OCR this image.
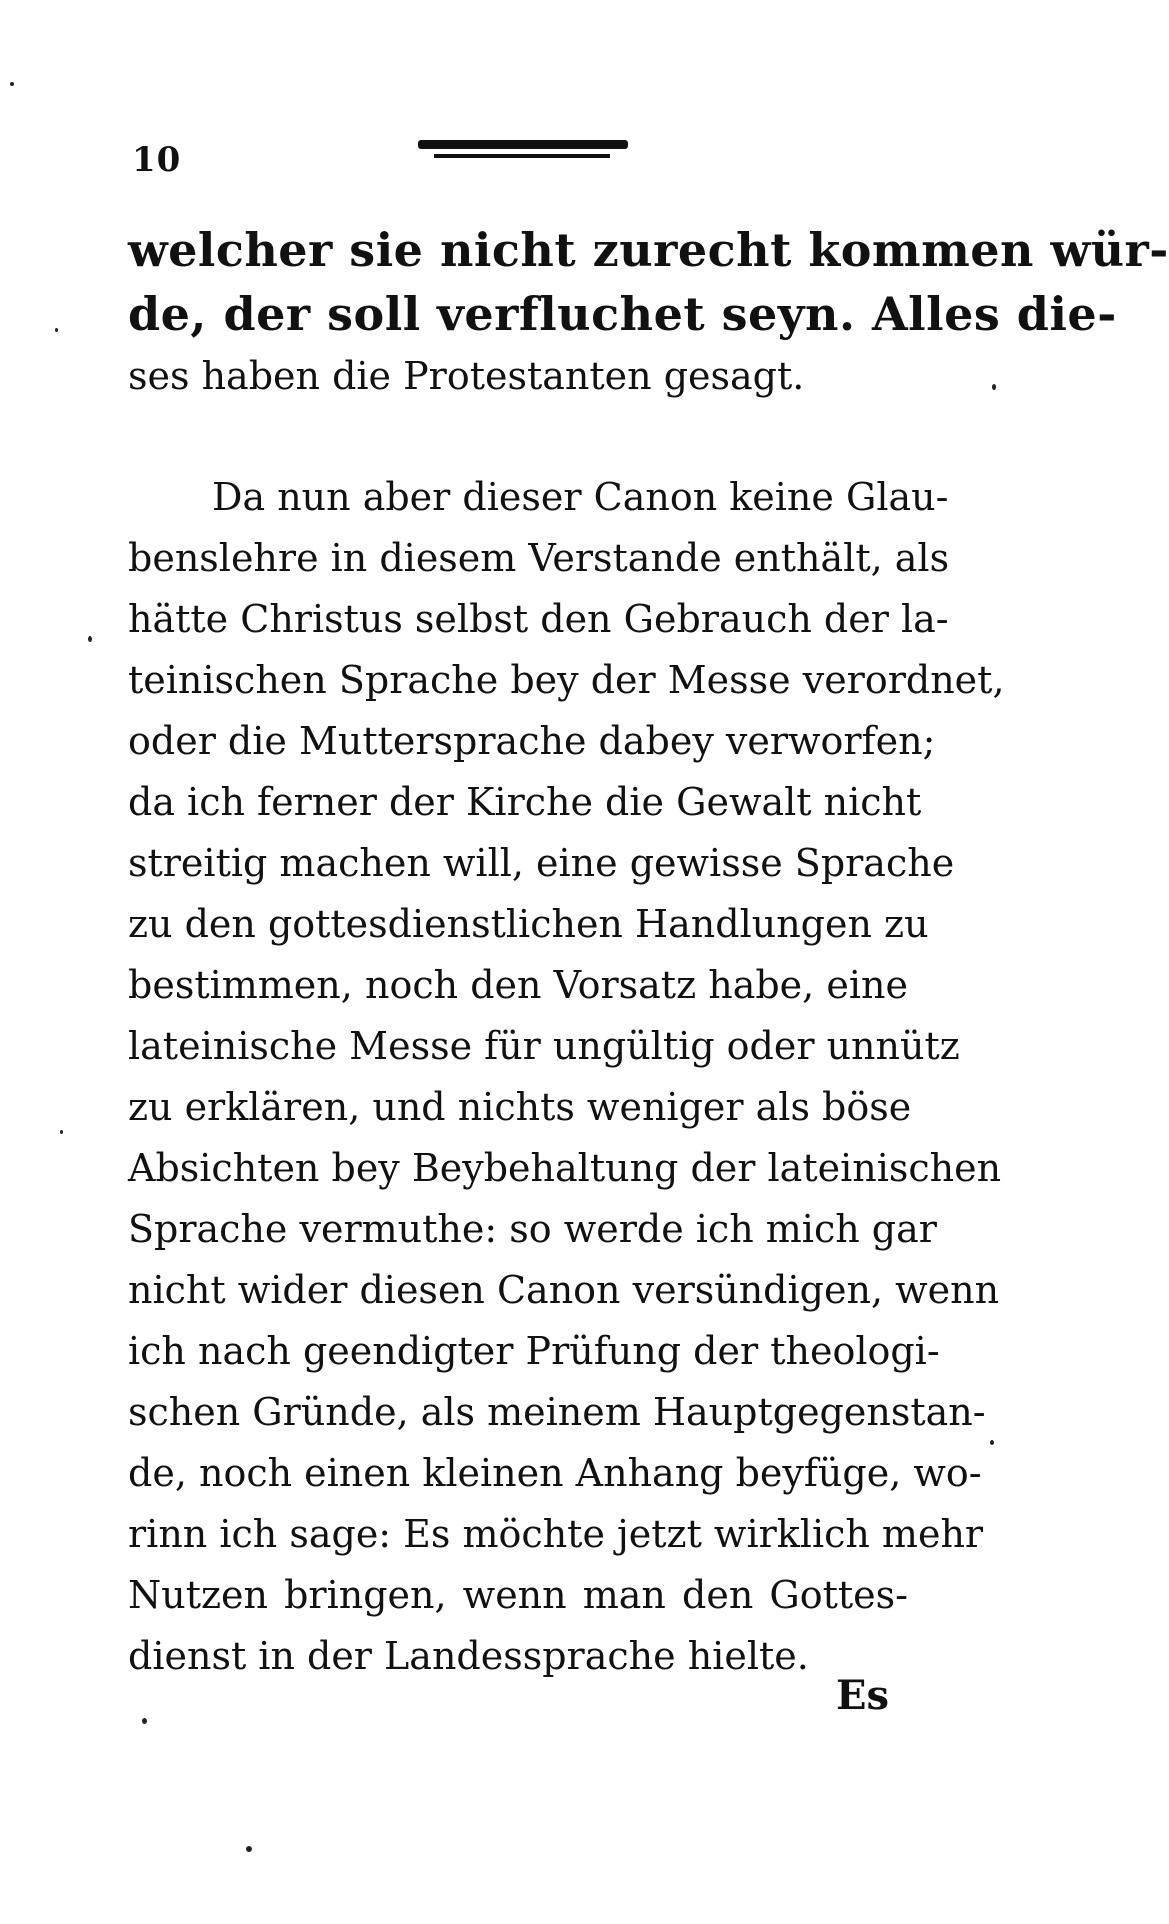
10
welcher sie nicht zurecht kommen wür-
de, der soll verfluchet seyn. Alles die-
ses haben die Protestanten gesagt.
Da nun aber dieser Canon keine Glau-
benslehre in diesem Verstande enthält, als
hätte Christus selbst den Gebrauch der la-
teinischen Sprache bey der Messe verordnet,
oder die Muttersprache dabey verworfen;
da ich ferner der Kirche die Gewalt nicht
streitig machen will, eine gewisse Sprache
zu den gottesdienstlichen Handlungen zu
bestimmen, noch den Vorsatz habe, eine
lateinische Messe für ungültig oder unnütz
zu erklären, und nichts weniger als böse
Absichten bey Beybehaltung der lateinischen
Sprache vermuthe: so werde ich mich gar
nicht wider diesen Canon versündigen, wenn
ich nach geendigter Prüfung der theologi-
schen Gründe, als meinem Hauptgegenstan-
de, noch einen kleinen Anhang beyfüge, wo-
rinn ich sage: Es möchte jetzt wirklich mehr
Nutzen bringen, wenn man den Gottes-
dienst in der Landessprache hielte.
Es
